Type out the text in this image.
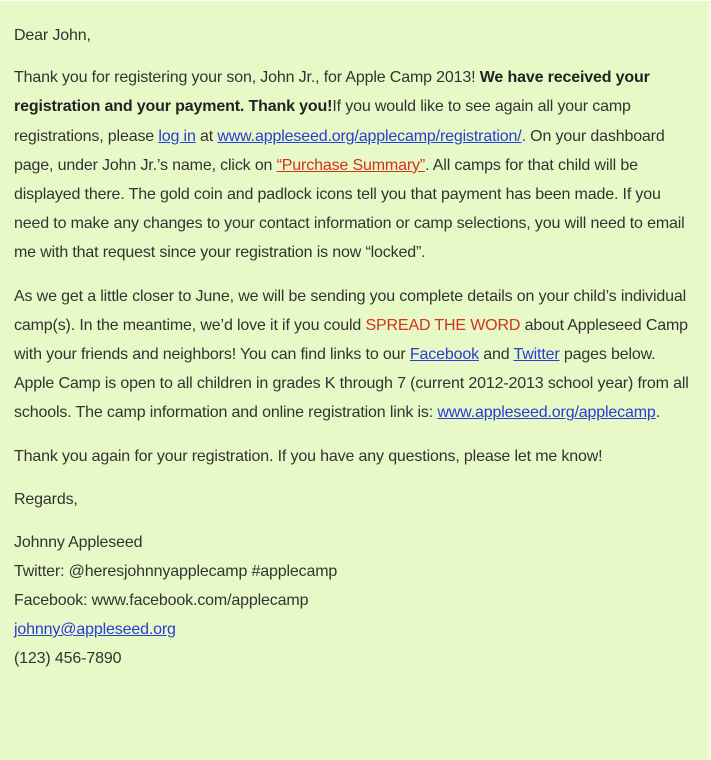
Dear John,

Thank you for registering your son, John Jr., for Apple Camp 2013! We have received your registration and your payment. Thank you!If you would like to see again all your camp registrations, please log in at www.appleseed.org/applecamp/registration/. On your dashboard page, under John Jr.’s name, click on “Purchase Summary”. All camps for that child will be displayed there. The gold coin and padlock icons tell you that payment has been made. If you need to make any changes to your contact information or camp selections, you will need to email me with that request since your registration is now “locked”.

As we get a little closer to June, we will be sending you complete details on your child’s individual camp(s). In the meantime, we’d love it if you could SPREAD THE WORD about Appleseed Camp with your friends and neighbors! You can find links to our Facebook and Twitter pages below. Apple Camp is open to all children in grades K through 7 (current 2012-2013 school year) from all schools. The camp information and online registration link is: www.appleseed.org/applecamp.

Thank you again for your registration. If you have any questions, please let me know!

Regards,

Johnny Appleseed
Twitter: @heresjohnnyapplecamp #applecamp
Facebook: www.facebook.com/applecamp
johnny@appleseed.org
(123) 456-7890
